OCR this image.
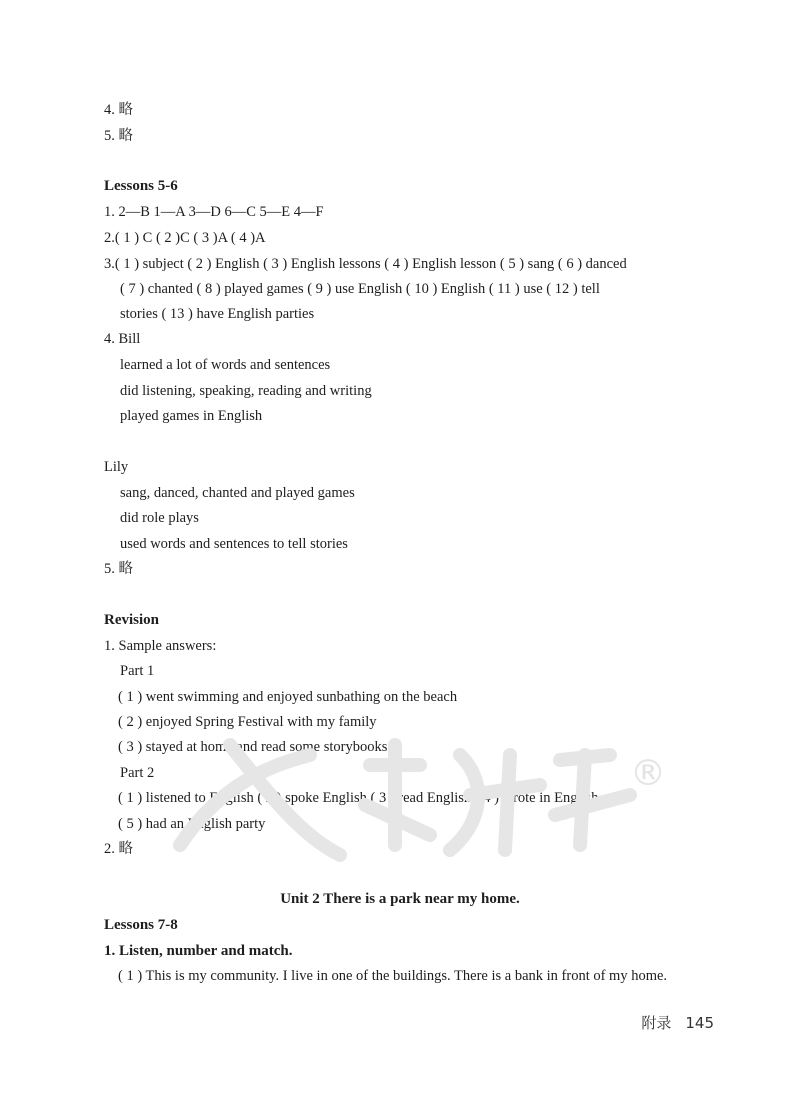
4. 略
5. 略
Lessons 5-6
1. 2—B 1—A 3—D 6—C 5—E 4—F
2.( 1 ) C ( 2 )C ( 3 )A ( 4 )A
3.( 1 ) subject ( 2 ) English ( 3 ) English lessons ( 4 ) English lesson ( 5 ) sang ( 6 ) danced
( 7 ) chanted ( 8 ) played games ( 9 ) use English ( 10 ) English ( 11 ) use ( 12 ) tell
stories ( 13 ) have English parties
4. Bill
learned a lot of words and sentences
did listening, speaking, reading and writing
played games in English
Lily
sang, danced, chanted and played games
did role plays
used words and sentences to tell stories
5. 略
Revision
1. Sample answers:
Part 1
( 1 ) went swimming and enjoyed sunbathing on the beach
( 2 ) enjoyed Spring Festival with my family
( 3 ) stayed at home and read some storybooks
Part 2
( 1 ) listened to English ( 2 ) spoke English ( 3 ) read English ( 4 ) wrote in English
( 5 ) had an English party
2. 略
Unit 2 There is a park near my home.
Lessons 7-8
1. Listen, number and match.
( 1 ) This is my community. I live in one of the buildings. There is a bank in front of my home.
®
附录 145
